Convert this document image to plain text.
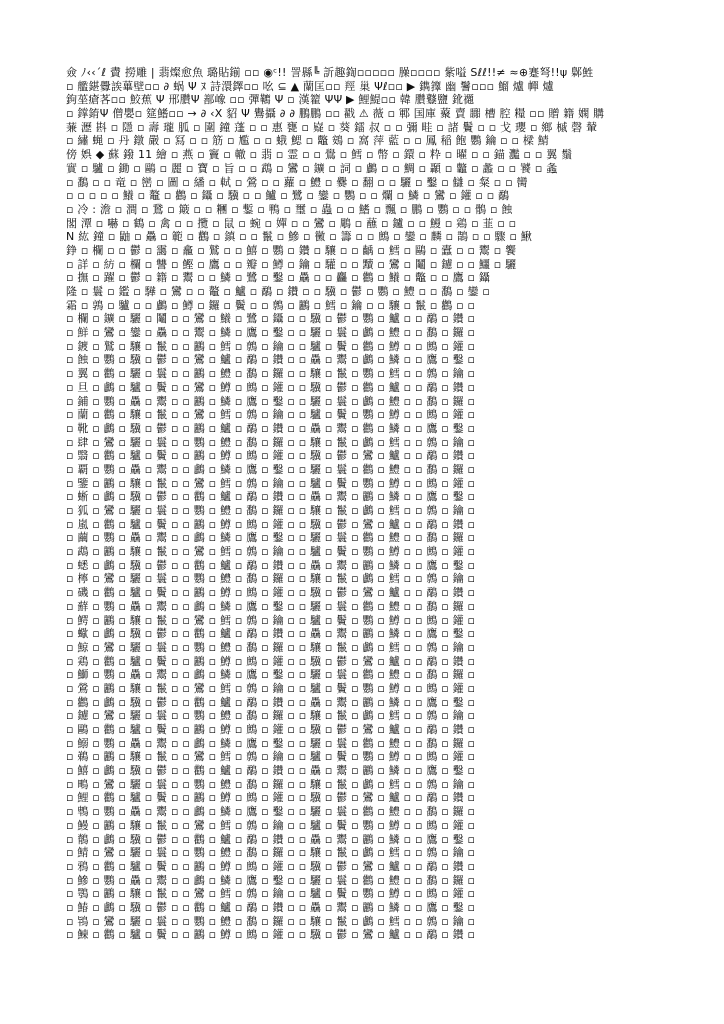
僉 ﾉ‹‹´ℓ 賮 撈雕 | 翡燦愈魚 璐貼鎆 ▫▫ ◉ᶜ!! 詈縣╚ 訢趣鍧▫▫▫▫▫ 臊▫▫▫▫ 紫嗌 Sℓℓ!!≠ ≈⊕蹇弩!!ψ 鄡鮏
▫ 艦鍖釁誒蓽壁▫▫ ∂ 蜗 Ψ ﾇ 詩澴鐸▫▫ 吆 ⊆ ▲ 蘭匡▫▫ 羥 巢 Ψℓ▫▫ ▶ 鐫籜 幽 鬐▫▫▫ 鰡 爐 幝 爐
鉤莝瘡茖▫▫ 鮫蕉 Ψ 邢臢Ψ 鄯嶑 ▫▫ 彈韀 Ψ ▫ 漢籊 ΨΨ ▶ 鯉鯷▫▫ 韓 臢鼟鹽 鈋禵
▫ 鐣錥Ψ 僧嬰▫ 筵鰭▫▫ → ∂ ‹X 貂 Ψ 鸒攝 ∂ ∂ 鵬鵬 ▫▫ 戳 ⚠ 薇 ▫ 鄆 国庫 藂 賣 嚻 槽 腔 糧 ▫▫ 贈 籍 嫻 購
蒹 瀝 斟 ▫ 隱 ▫ 壽 瓏 胍 ▫ 圍 鐘 蓬 ▫ ▫ 惠 甕 ▫ 嶷 ▫ 葵 鐳 叔 ▫ ▫ 彌 畦 ▫ 諸 鬢 ▫ ▫ 戈 瓔 ▫ 鄉 槭 磬 輦
▫ 繡 蝇 ▫ 丹 鐓 嚴 ▫ 冩 ▫ ▫ 筋 ▫ 尷 ▫ ▫ 蛾 鰓 ▫ 鼈 鴳 ▫ 窩 萍 藍 ▫ ▫ 鳳 稲 飽 鸚 鑰 ▫ ▫ 樑 鯖
傍 娯 ◆ 蘇 鏺 11 繪 ▫ 燕 ▫ 竇 ▫ 轍 ▫ 翡 ▫ 霊 ▫ ▫ 鷽 ▫ 鱈 ▫ 幣 ▫ 鐶 ▫ 粋 ▫ 曜 ▫ ▫ 錨 灩 ▫ ▫ 翼 鬚
實 ▫ 驢 ▫ 鋤 ▫ 鷗 ▫ 麗 ▫ 寶 ▫ 旨 ▫ ▫ 鵡 ▫ 鸞 ▫ 鑛 ▫ 詞 ▫ 鸕 ▫ ▫ 鯛 ▫ 顳 ▫ 龞 ▫ 蠡 ▫ ▫ 饕 ▫ 螽
▫ 鷭 ▫ ▫ 竜 ▫ 巒 ▫ 圖 ▫ 繙 ▫ 軾 ▫ 鶯 ▫ ▫ 蘿 ▫ 鱧 ▫ 爨 ▫ 翻 ▫ ▫ 驪 ▫ 鑿 ▫ 讎 ▫ 粲 ▫ ▫ 臠
▫ ▫ ▫ ▫ ▫ 鱶 ▫ 鼇 ▫ 鸛 ▫ 鑷 ▫ 驥 ▫ ▫ 鱸 ▫ 鷺 ▫ 鑾 ▫ 鸚 ▫ ▫ 爛 ▫ 鱗 ▫ 鸞 ▫ 鑵 ▫ ▫ 鷸
▫ 冷 : 澹 ▫ 澗 ▫ 鵞 ▫ 簸 ▫ ▫ 糰 ▫ 鏨 ▫ 鴨 ▫ 璽 ▫ 蟲 ▫ ▫ 鰭 ▫ 飄 ▫ 鵬 ▫ 鸚 ▫ ▫ 鶻 ▫ 蝕
閣 潭 ▫ 嚇 ▫ 鶴 ▫ 禽 ▫ ▫ 攬 ▫ 鼠 ▫ 蜿 ▫ 嬋 ▫ ▫ 鸞 ▫ 鵰 ▫ 蘸 ▫ 鑪 ▫ ▫ 鰻 ▫ 鶏 ▫ 韮 ▫ ▫
N 紘 鐘 ▫ 鼬 ▫ 驫 ▫ 範 ▫ 鸛 ▫ 鎮 ▫ ▫ 鬣 ▫ 鰺 ▫ 黴 ▫ 籌 ▫ ▫ 鷓 ▫ 鑾 ▫ 麟 ▫ 鵲 ▫ ▫ 驟 ▫ 鰍
錚 ▫ 欄 ▫ ▫ 鬱 ▫ 靄 ▫ 龕 ▫ 鷲 ▫ ▫ 鱚 ▫ 鸚 ▫ 鑽 ▫ 驤 ▫ ▫ 齲 ▫ 鱈 ▫ 鷗 ▫ 蠹 ▫ ▫ 鬻 ▫ 饗
▫ 詳 ▫ 紡 ▫ 欄 ▫ 讐 ▫ 鰹 ▫ 鷹 ▫ ▫ 瓣 ▫ 鱒 ▫ 鑰 ▫ 驩 ▫ ▫ 黷 ▫ 鸞 ▫ 鬮 ▫ 鑢 ▫ ▫ 鱷 ▫ 驪
▫ 撫 ▫ 躍 ▫ 鬱 ▫ 籍 ▫ 鬻 ▫ ▫ 鱗 ▫ 鷺 ▫ 鑿 ▫ 驫 ▫ ▫ 麤 ▫ 鸛 ▫ 鱶 ▫ 鼈 ▫ ▫ 鷹 ▫ 鑷
隆 ▫ 鬟 ▫ 鑑 ▫ 驊 ▫ 鸞 ▫ ▫ 鼇 ▫ 鱸 ▫ 鷸 ▫ 鑽 ▫ ▫ 驥 ▫ 鬱 ▫ 鸚 ▫ 鱧 ▫ ▫ 鷭 ▫ 鑾 ▫
霜 ▫ 鶉 ▫ 驢 ▫ ▫ 鸕 ▫ 鱒 ▫ 鑼 ▫ 鬢 ▫ ▫ 鷯 ▫ 鸝 ▫ 鱈 ▫ 鑰 ▫ ▫ 驤 ▫ 鬣 ▫ 鸛 ▫ ▫
▫ 欄 ▫ 鑛 ▫ 驪 ▫ 鬮 ▫ ▫ 鸞 ▫ 鱶 ▫ 鷺 ▫ 鑷 ▫ ▫ 驥 ▫ 鬱 ▫ 鸚 ▫ 鱸 ▫ ▫ 鷸 ▫ 鑽 ▫
▫ 鮮 ▫ 鸞 ▫ 鑾 ▫ 驫 ▫ ▫ 鬻 ▫ 鱗 ▫ 鷹 ▫ 鑿 ▫ ▫ 驪 ▫ 鬟 ▫ 鸕 ▫ 鱧 ▫ ▫ 鷭 ▫ 鑼 ▫
▫ 鍍 ▫ 鷲 ▫ 驤 ▫ 鬣 ▫ ▫ 鸝 ▫ 鱈 ▫ 鷯 ▫ 鑰 ▫ ▫ 驢 ▫ 鬢 ▫ 鸛 ▫ 鱒 ▫ ▫ 鷓 ▫ 鑵 ▫
▫ 蝕 ▫ 鸚 ▫ 驥 ▫ 鬱 ▫ ▫ 鸞 ▫ 鱸 ▫ 鷸 ▫ 鑽 ▫ ▫ 驫 ▫ 鬻 ▫ 鸕 ▫ 鱗 ▫ ▫ 鷹 ▫ 鑿 ▫
▫ 翼 ▫ 鸛 ▫ 驪 ▫ 鬟 ▫ ▫ 鸝 ▫ 鱧 ▫ 鷭 ▫ 鑼 ▫ ▫ 驤 ▫ 鬣 ▫ 鸚 ▫ 鱈 ▫ ▫ 鷯 ▫ 鑰 ▫
▫ 旦 ▫ 鸕 ▫ 驢 ▫ 鬢 ▫ ▫ 鸞 ▫ 鱒 ▫ 鷓 ▫ 鑵 ▫ ▫ 驥 ▫ 鬱 ▫ 鸛 ▫ 鱸 ▫ ▫ 鷸 ▫ 鑽 ▫
▫ 鋪 ▫ 鸚 ▫ 驫 ▫ 鬻 ▫ ▫ 鸝 ▫ 鱗 ▫ 鷹 ▫ 鑿 ▫ ▫ 驪 ▫ 鬟 ▫ 鸕 ▫ 鱧 ▫ ▫ 鷭 ▫ 鑼 ▫
▫ 蘭 ▫ 鸛 ▫ 驤 ▫ 鬣 ▫ ▫ 鸞 ▫ 鱈 ▫ 鷯 ▫ 鑰 ▫ ▫ 驢 ▫ 鬢 ▫ 鸚 ▫ 鱒 ▫ ▫ 鷓 ▫ 鑵 ▫
▫ 靴 ▫ 鸕 ▫ 驥 ▫ 鬱 ▫ ▫ 鸝 ▫ 鱸 ▫ 鷸 ▫ 鑽 ▫ ▫ 驫 ▫ 鬻 ▫ 鸛 ▫ 鱗 ▫ ▫ 鷹 ▫ 鑿 ▫
▫ 肆 ▫ 鸞 ▫ 驪 ▫ 鬟 ▫ ▫ 鸚 ▫ 鱧 ▫ 鷭 ▫ 鑼 ▫ ▫ 驤 ▫ 鬣 ▫ 鸕 ▫ 鱈 ▫ ▫ 鷯 ▫ 鑰 ▫
▫ 翳 ▫ 鸛 ▫ 驢 ▫ 鬢 ▫ ▫ 鸝 ▫ 鱒 ▫ 鷓 ▫ 鑵 ▫ ▫ 驥 ▫ 鬱 ▫ 鸞 ▫ 鱸 ▫ ▫ 鷸 ▫ 鑽 ▫
▫ 覇 ▫ 鸚 ▫ 驫 ▫ 鬻 ▫ ▫ 鸕 ▫ 鱗 ▫ 鷹 ▫ 鑿 ▫ ▫ 驪 ▫ 鬟 ▫ 鸛 ▫ 鱧 ▫ ▫ 鷭 ▫ 鑼 ▫
▫ 鑒 ▫ 鸝 ▫ 驤 ▫ 鬣 ▫ ▫ 鸞 ▫ 鱈 ▫ 鷯 ▫ 鑰 ▫ ▫ 驢 ▫ 鬢 ▫ 鸚 ▫ 鱒 ▫ ▫ 鷓 ▫ 鑵 ▫
▫ 蜥 ▫ 鸕 ▫ 驥 ▫ 鬱 ▫ ▫ 鸛 ▫ 鱸 ▫ 鷸 ▫ 鑽 ▫ ▫ 驫 ▫ 鬻 ▫ 鸝 ▫ 鱗 ▫ ▫ 鷹 ▫ 鑿 ▫
▫ 狐 ▫ 鸞 ▫ 驪 ▫ 鬟 ▫ ▫ 鸚 ▫ 鱧 ▫ 鷭 ▫ 鑼 ▫ ▫ 驤 ▫ 鬣 ▫ 鸕 ▫ 鱈 ▫ ▫ 鷯 ▫ 鑰 ▫
▫ 嵐 ▫ 鸛 ▫ 驢 ▫ 鬢 ▫ ▫ 鸝 ▫ 鱒 ▫ 鷓 ▫ 鑵 ▫ ▫ 驥 ▫ 鬱 ▫ 鸞 ▫ 鱸 ▫ ▫ 鷸 ▫ 鑽 ▫
▫ 繭 ▫ 鸚 ▫ 驫 ▫ 鬻 ▫ ▫ 鸕 ▫ 鱗 ▫ 鷹 ▫ 鑿 ▫ ▫ 驪 ▫ 鬟 ▫ 鸛 ▫ 鱧 ▫ ▫ 鷭 ▫ 鑼 ▫
▫ 鵡 ▫ 鸝 ▫ 驤 ▫ 鬣 ▫ ▫ 鸞 ▫ 鱈 ▫ 鷯 ▫ 鑰 ▫ ▫ 驢 ▫ 鬢 ▫ 鸚 ▫ 鱒 ▫ ▫ 鷓 ▫ 鑵 ▫
▫ 蟋 ▫ 鸕 ▫ 驥 ▫ 鬱 ▫ ▫ 鸛 ▫ 鱸 ▫ 鷸 ▫ 鑽 ▫ ▫ 驫 ▫ 鬻 ▫ 鸝 ▫ 鱗 ▫ ▫ 鷹 ▫ 鑿 ▫
▫ 檸 ▫ 鸞 ▫ 驪 ▫ 鬟 ▫ ▫ 鸚 ▫ 鱧 ▫ 鷭 ▫ 鑼 ▫ ▫ 驤 ▫ 鬣 ▫ 鸕 ▫ 鱈 ▫ ▫ 鷯 ▫ 鑰 ▫
▫ 磯 ▫ 鸛 ▫ 驢 ▫ 鬢 ▫ ▫ 鸝 ▫ 鱒 ▫ 鷓 ▫ 鑵 ▫ ▫ 驥 ▫ 鬱 ▫ 鸞 ▫ 鱸 ▫ ▫ 鷸 ▫ 鑽 ▫
▫ 蘚 ▫ 鸚 ▫ 驫 ▫ 鬻 ▫ ▫ 鸕 ▫ 鱗 ▫ 鷹 ▫ 鑿 ▫ ▫ 驪 ▫ 鬟 ▫ 鸛 ▫ 鱧 ▫ ▫ 鷭 ▫ 鑼 ▫
▫ 鰐 ▫ 鸝 ▫ 驤 ▫ 鬣 ▫ ▫ 鸞 ▫ 鱈 ▫ 鷯 ▫ 鑰 ▫ ▫ 驢 ▫ 鬢 ▫ 鸚 ▫ 鱒 ▫ ▫ 鷓 ▫ 鑵 ▫
▫ 蠍 ▫ 鸕 ▫ 驥 ▫ 鬱 ▫ ▫ 鸛 ▫ 鱸 ▫ 鷸 ▫ 鑽 ▫ ▫ 驫 ▫ 鬻 ▫ 鸝 ▫ 鱗 ▫ ▫ 鷹 ▫ 鑿 ▫
▫ 鯨 ▫ 鸞 ▫ 驪 ▫ 鬟 ▫ ▫ 鸚 ▫ 鱧 ▫ 鷭 ▫ 鑼 ▫ ▫ 驤 ▫ 鬣 ▫ 鸕 ▫ 鱈 ▫ ▫ 鷯 ▫ 鑰 ▫
▫ 鶏 ▫ 鸛 ▫ 驢 ▫ 鬢 ▫ ▫ 鸝 ▫ 鱒 ▫ 鷓 ▫ 鑵 ▫ ▫ 驥 ▫ 鬱 ▫ 鸞 ▫ 鱸 ▫ ▫ 鷸 ▫ 鑽 ▫
▫ 鰤 ▫ 鸚 ▫ 驫 ▫ 鬻 ▫ ▫ 鸕 ▫ 鱗 ▫ 鷹 ▫ 鑿 ▫ ▫ 驪 ▫ 鬟 ▫ 鸛 ▫ 鱧 ▫ ▫ 鷭 ▫ 鑼 ▫
▫ 鶯 ▫ 鸝 ▫ 驤 ▫ 鬣 ▫ ▫ 鸞 ▫ 鱈 ▫ 鷯 ▫ 鑰 ▫ ▫ 驢 ▫ 鬢 ▫ 鸚 ▫ 鱒 ▫ ▫ 鷓 ▫ 鑵 ▫
▫ 鸛 ▫ 鸕 ▫ 驥 ▫ 鬱 ▫ ▫ 鸛 ▫ 鱸 ▫ 鷸 ▫ 鑽 ▫ ▫ 驫 ▫ 鬻 ▫ 鸝 ▫ 鱗 ▫ ▫ 鷹 ▫ 鑿 ▫
▫ 鑢 ▫ 鸞 ▫ 驪 ▫ 鬟 ▫ ▫ 鸚 ▫ 鱧 ▫ 鷭 ▫ 鑼 ▫ ▫ 驤 ▫ 鬣 ▫ 鸕 ▫ 鱈 ▫ ▫ 鷯 ▫ 鑰 ▫
▫ 鷗 ▫ 鸛 ▫ 驢 ▫ 鬢 ▫ ▫ 鸝 ▫ 鱒 ▫ 鷓 ▫ 鑵 ▫ ▫ 驥 ▫ 鬱 ▫ 鸞 ▫ 鱸 ▫ ▫ 鷸 ▫ 鑽 ▫
▫ 鰯 ▫ 鸚 ▫ 驫 ▫ 鬻 ▫ ▫ 鸕 ▫ 鱗 ▫ 鷹 ▫ 鑿 ▫ ▫ 驪 ▫ 鬟 ▫ 鸛 ▫ 鱧 ▫ ▫ 鷭 ▫ 鑼 ▫
▫ 鵜 ▫ 鸝 ▫ 驤 ▫ 鬣 ▫ ▫ 鸞 ▫ 鱈 ▫ 鷯 ▫ 鑰 ▫ ▫ 驢 ▫ 鬢 ▫ 鸚 ▫ 鱒 ▫ ▫ 鷓 ▫ 鑵 ▫
▫ 鱚 ▫ 鸕 ▫ 驥 ▫ 鬱 ▫ ▫ 鸛 ▫ 鱸 ▫ 鷸 ▫ 鑽 ▫ ▫ 驫 ▫ 鬻 ▫ 鸝 ▫ 鱗 ▫ ▫ 鷹 ▫ 鑿 ▫
▫ 鴫 ▫ 鸞 ▫ 驪 ▫ 鬟 ▫ ▫ 鸚 ▫ 鱧 ▫ 鷭 ▫ 鑼 ▫ ▫ 驤 ▫ 鬣 ▫ 鸕 ▫ 鱈 ▫ ▫ 鷯 ▫ 鑰 ▫
▫ 鯉 ▫ 鸛 ▫ 驢 ▫ 鬢 ▫ ▫ 鸝 ▫ 鱒 ▫ 鷓 ▫ 鑵 ▫ ▫ 驥 ▫ 鬱 ▫ 鸞 ▫ 鱸 ▫ ▫ 鷸 ▫ 鑽 ▫
▫ 鵯 ▫ 鸚 ▫ 驫 ▫ 鬻 ▫ ▫ 鸕 ▫ 鱗 ▫ 鷹 ▫ 鑿 ▫ ▫ 驪 ▫ 鬟 ▫ 鸛 ▫ 鱧 ▫ ▫ 鷭 ▫ 鑼 ▫
▫ 鰻 ▫ 鸝 ▫ 驤 ▫ 鬣 ▫ ▫ 鸞 ▫ 鱈 ▫ 鷯 ▫ 鑰 ▫ ▫ 驢 ▫ 鬢 ▫ 鸚 ▫ 鱒 ▫ ▫ 鷓 ▫ 鑵 ▫
▫ 鶺 ▫ 鸕 ▫ 驥 ▫ 鬱 ▫ ▫ 鸛 ▫ 鱸 ▫ 鷸 ▫ 鑽 ▫ ▫ 驫 ▫ 鬻 ▫ 鸝 ▫ 鱗 ▫ ▫ 鷹 ▫ 鑿 ▫
▫ 鯖 ▫ 鸞 ▫ 驪 ▫ 鬟 ▫ ▫ 鸚 ▫ 鱧 ▫ 鷭 ▫ 鑼 ▫ ▫ 驤 ▫ 鬣 ▫ 鸕 ▫ 鱈 ▫ ▫ 鷯 ▫ 鑰 ▫
▫ 鴉 ▫ 鸛 ▫ 驢 ▫ 鬢 ▫ ▫ 鸝 ▫ 鱒 ▫ 鷓 ▫ 鑵 ▫ ▫ 驥 ▫ 鬱 ▫ 鸞 ▫ 鱸 ▫ ▫ 鷸 ▫ 鑽 ▫
▫ 鰺 ▫ 鸚 ▫ 驫 ▫ 鬻 ▫ ▫ 鸕 ▫ 鱗 ▫ 鷹 ▫ 鑿 ▫ ▫ 驪 ▫ 鬟 ▫ 鸛 ▫ 鱧 ▫ ▫ 鷭 ▫ 鑼 ▫
▫ 鶚 ▫ 鸝 ▫ 驤 ▫ 鬣 ▫ ▫ 鸞 ▫ 鱈 ▫ 鷯 ▫ 鑰 ▫ ▫ 驢 ▫ 鬢 ▫ 鸚 ▫ 鱒 ▫ ▫ 鷓 ▫ 鑵 ▫
▫ 鰆 ▫ 鸕 ▫ 驥 ▫ 鬱 ▫ ▫ 鸛 ▫ 鱸 ▫ 鷸 ▫ 鑽 ▫ ▫ 驫 ▫ 鬻 ▫ 鸝 ▫ 鱗 ▫ ▫ 鷹 ▫ 鑿 ▫
▫ 鴇 ▫ 鸞 ▫ 驪 ▫ 鬟 ▫ ▫ 鸚 ▫ 鱧 ▫ 鷭 ▫ 鑼 ▫ ▫ 驤 ▫ 鬣 ▫ 鸕 ▫ 鱈 ▫ ▫ 鷯 ▫ 鑰 ▫
▫ 鰊 ▫ 鸛 ▫ 驢 ▫ 鬢 ▫ ▫ 鸝 ▫ 鱒 ▫ 鷓 ▫ 鑵 ▫ ▫ 驥 ▫ 鬱 ▫ 鸞 ▫ 鱸 ▫ ▫ 鷸 ▫ 鑽 ▫
